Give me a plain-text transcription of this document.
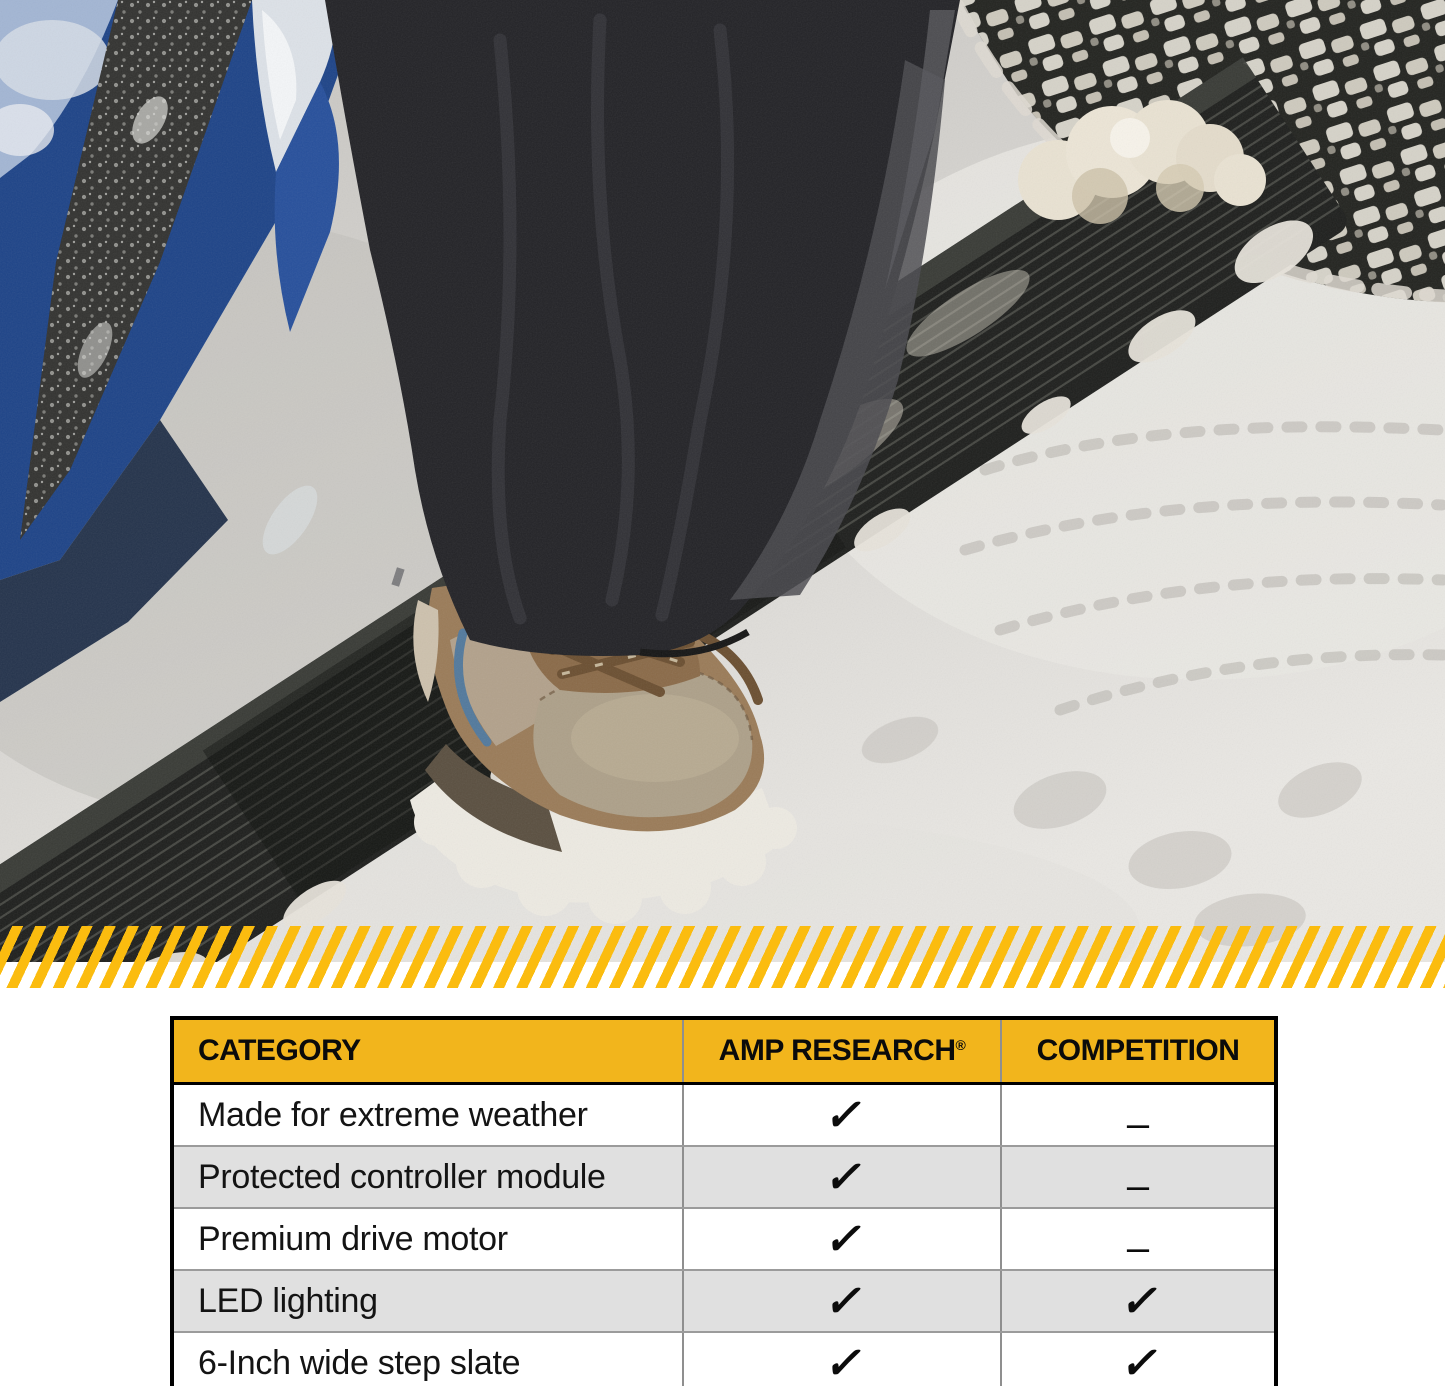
CATEGORY	AMP RESEARCH ®	COMPETITION
Made for extreme weather	✓	–
Protected controller module	✓	–
Premium drive motor	✓	–
LED lighting	✓	✓
6-Inch wide step slate	✓	✓
